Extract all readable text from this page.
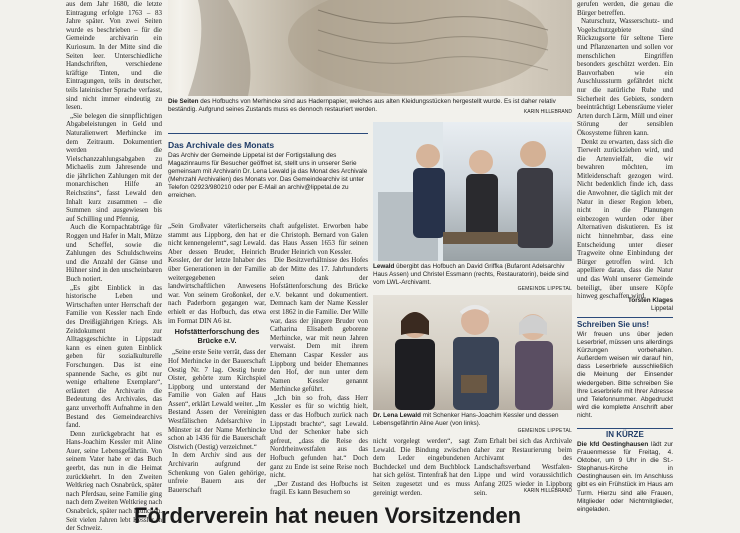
aus dem Jahr 1680, die letzte Eintragung erfolgte 1763 – 83 Jahre später. Von zwei Seiten wurde es beschrieben – für die Gemeinde archivarin ein Kuriosum. In der Mitte sind die Seiten leer. Unterschiedliche Handschriften, verschiedene kräftige Tinten, und die Eintragungen, teils in deutscher, teils lateinischer Sprache verfasst, sind nicht immer eindeutig zu lesen.

„Sie belegen die sinnpflichtigen Abgabeleistungen in Geld und Naturalienwert Merhincke im dem Zeitraum. Dokumentiert werden die Vielschanzzahlungsabgaben zu Michaelis zum Jahresende und die jährlichen Zahlungen mit der monarchischen Hilfe an Reichszins“, fasst Lewald den Inhalt kurz zusammen – die Summen sind ausgewiesen bis auf Schilling und Pfennig.

Auch die Kornpachtabträge für Roggen und Hafer in Malt, Mütze und Scheffel, sowie die Zahlungen des Schuldschweins und die Anzahl der Gänse und Hühner sind in den unscheinbaren Buch notiert.

„Es gibt Einblick in das historische Leben und Wirtschaften unter Herrschaft der Familie von Kessler nach Ende des Dreißigjährigen Kriegs. Als Zeitdokument zur Alltagsgeschichte in Lippstadt kann es einen guten Einblick geben für sozialkulturelle Forschungen. Das ist eine spannende Sache, es gibt nur wenige erhaltene Exemplare“, erläutert die Archivarin die Bedeutung des Archivales, das ganz unverhofft Aufnahme in den Bestand des Gemeindearchivs fand.

Denn zurückgebracht hat es Hans-Joachim Kessler mit Aline Auer, seine Lebensgefährtin. Von seinem Vater habe er das Buch geerbt, das nun in die Heimat zurückkehrt. In den Zweiten Weltkrieg nach Osnabrück, später nach Pferdsau, seine Familie ging nach dem Zweiten Weltkrieg nach Osnabrück, später nach München. Seit vielen Jahren lebt Kessler in der Schweiz.

Die Seiten des Hofbuchs von Merhincke sind aus Hadernpapier, welches aus alten Kleidungsstücken hergestellt wurde. Es ist daher relativ beständig. Aufgrund seines Zustands muss es dennoch restauriert werden.	KARIN HILLEBRAND
Das Archivale des Monats
Das Archiv der Gemeinde Lippetal ist der Fortigstallung des Magazinraums für Besucher geöffnet ist, stellt uns in unserer Serie gemeinsam mit Archivarin Dr. Lena Lewald ja das Monat des Archivale (Mehrzahl Archivalien) des Monats vor. Das Gemeindearchiv ist unter Telefon 02923/980210 oder per E-Mail an archiv@lippetal.de zu erreichen.

„Sein Großvater väterlicherseits stammt aus Lippborg, den hat er nicht kennengelernt“, sagt Lewald. Aber dessen Bruder, Heinrich Kessler, der der letzte Inhaber des über Generationen in der Familie weitergegebenen landwirtschaftlichen Anwesens war. Von seinem Großonkel, der nach Paderborn gegangen war, erhielt er das Hofbuch, das etwa im Format DIN A6 ist.

Hofstätterforschung des Brücke e.V.

„Seine erste Seite verrät, dass der Hof Merhincke in der Bauerschaft Oestig Nr. 7 lag. Oestig heute Oister, gehörte zum Kirchspiel Lippborg und unterstand der Familie von Galen auf Haus Assen“, erklärt Lewald weiter. „Im Bestand Assen der Vereinigten Westfälischen Adelsarchive in Münster ist der Name Merhincke schon ab 1436 für die Bauerschaft Oistwich (Oestig) verzeichnet.“

In dem Archiv sind aus der Archivarin aufgrund der Schenkung von Galen gehörige, unfreie Bauern aus der Bauerschaft

chaft aufgelistet. Erworben habe die Christoph. Bernard von Galen das Haus Assen 1653 für seinen Bruder Heinrich von Kessler.

Die Besitzverhältnisse des Hofes ab der Mitte des 17. Jahrhunderts seien dank der Hofstättenforschung des Brücke e.V. bekannt und dokumentiert. Demnach kam der Name Kessler erst 1862 in die Familie. Der Wille war, dass der jüngere Bruder von Catharina Elisabeth geborene Merhincke, war mit neun Jahren verwaist. Dem mit ihrem Ehemann Caspar Kessler aus Lippborg und beider Ehemannes den Hof, der nun unter dem Namen Kessler genannt Merhincke geführt.

„Ich bin so froh, dass Herr Kessler es für so wichtig hielt, dass er das Hofbuch zurück nach Lippstadt brachte“, sagt Lewald. Und der Schenker habe sich gefreut, „dass die Reise des Nordrheinwestfalen aus das Hofbuch gefunden hat.“ Doch ganz zu Ende ist seine Reise noch nicht.

„Der Zustand des Hofbuchs ist fragil. Es kann Besuchern so

Lewald übergibt das Hofbuch an David Griffka (Bufaront Adelsarchiv Haus Assen) und Christel Essmann (rechts, Restauratorin), beide sind vom LWL-Archivamt.
GEMEINDE LIPPETAL
Dr. Lena Lewald mit Schenker Hans-Joachim Kessler und dessen Lebensgefährtin Aline Auer (von links).
GEMEINDE LIPPETAL
nicht vorgelegt werden“, sagt Lewald. Die Bindung zwischen dem Leder eingebundenen Buchdeckel und dem Buchblock hat sich gelöst. Tintenfraß hat den Seiten zugesetzt und es muss gereinigt werden.
Zum Erhalt bei sich das Archivale daher zur Restaurierung beim Archivamt des Landschaftsverband Westfalen-Lippe und wird voraussichtlich Anfang 2025 wieder in Lippborg sein.	KARIN HILLEBRAND

gerufen werden, die genau die Bürger betreffen.

Naturschutz, Wasserschutz- und Vogelschutzgebiete sind Rückzugsorte für seltene Tiere und Pflanzenarten und sollen vor menschlichen Eingriffen besonders geschützt werden. Ein Bauvorhaben wie ein Auschlusssturm gefährdet nicht nur die natürliche Ruhe und Sicherheit des Gebiets, sondern beeinträchtigt Lebensräume vieler Arten durch Lärm, Müll und einer Störung der sensiblen Ökosysteme führen kann.

Denkt zu erwarten, dass sich die Tierwelt zurückziehen wird, und die Artenvielfalt, die wir bewahren möchten, im Mitleidenschaft gezogen wird. Nicht bedenklich finde ich, dass die Anwohner, die täglich mit der Natur in dieser Region leben, nicht in die Planungen einbezogen wurden oder über Alternativen diskutieren. Es ist nicht hinnehmbar, dass eine Entscheidung unter dieser Tragweite ohne Einbindung der Bürger getroffen wird. Ich appelliere daran, dass die Natur und das Wohl unserer Gemeinde beteiligt, über unsere Köpfe hinweg geschaffen wird.

Torsten Klages
Lippetal
Schreiben Sie uns!
Wir freuen uns über jeden Leserbrief, müssen uns allerdings Kürzungen vorbehalten. Außerdem weisen wir darauf hin, dass Leserbriefe ausschließlich die Meinung der Einsender wiedergeben. Bitte schreiben Sie Ihre Leserbriefe mit Ihrer Adresse und Telefonnummer. Abgedruckt wird die komplette Anschrift aber nicht.
IN KÜRZE
Die kfd Oestinghausen lädt zur Frauenmesse für Freitag, 4. Oktober, um 9 Uhr in die St.-Stephanus-Kirche in Oestinghausen ein. Im Anschluss gibt es ein Frühstück im Haus am Turm. Hierzu sind alle Frauen, Mitglieder oder Nichtmitglieder, eingeladen.
Förderverein hat neuen Vorsitzenden
